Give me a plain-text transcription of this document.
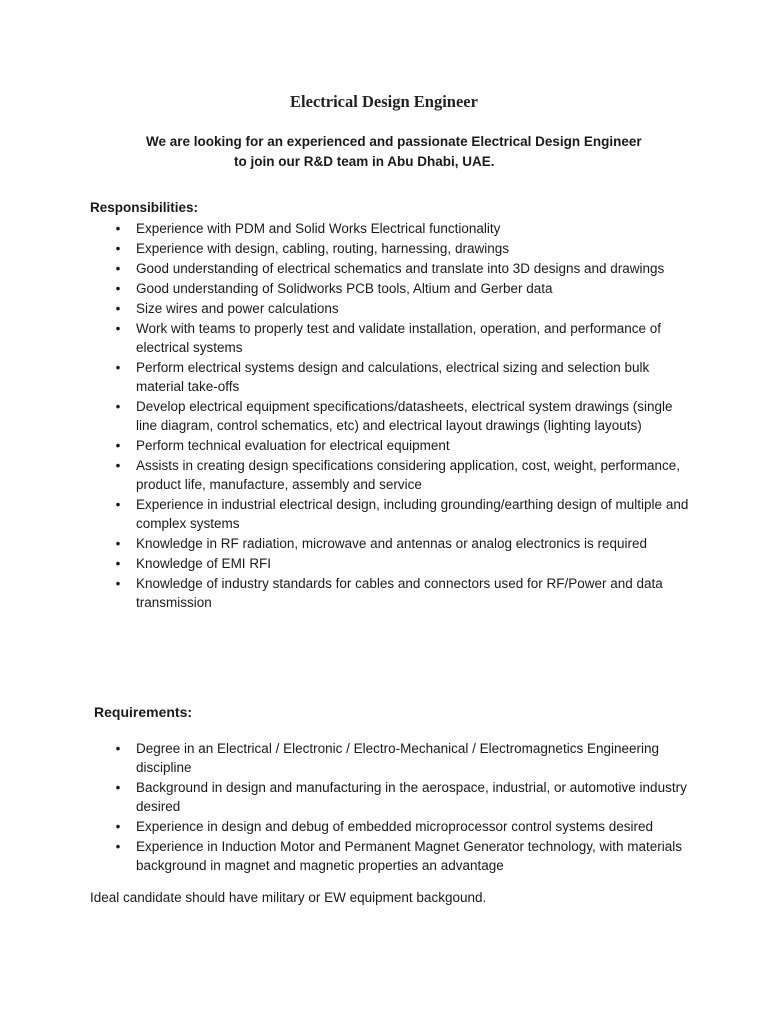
Electrical Design Engineer
We are looking for an experienced and passionate Electrical Design Engineer
to join our R&D team in Abu Dhabi, UAE.

Responsibilities:

• Experience with PDM and Solid Works Electrical functionality
• Experience with design, cabling, routing, harnessing, drawings
• Good understanding of electrical schematics and translate into 3D designs and drawings
• Good understanding of Solidworks PCB tools, Altium and Gerber data
• Size wires and power calculations
• Work with teams to properly test and validate installation, operation, and performance of electrical systems
• Perform electrical systems design and calculations, electrical sizing and selection bulk material take-offs
• Develop electrical equipment specifications/datasheets, electrical system drawings (single line diagram, control schematics, etc) and electrical layout drawings (lighting layouts)
• Perform technical evaluation for electrical equipment
• Assists in creating design specifications considering application, cost, weight, performance, product life, manufacture, assembly and service
• Experience in industrial electrical design, including grounding/earthing design of multiple and complex systems
• Knowledge in RF radiation, microwave and antennas or analog electronics is required
• Knowledge of EMI RFI
• Knowledge of industry standards for cables and connectors used for RF/Power and data transmission

Requirements:

• Degree in an Electrical / Electronic / Electro-Mechanical / Electromagnetics Engineering discipline
• Background in design and manufacturing in the aerospace, industrial, or automotive industry desired
• Experience in design and debug of embedded microprocessor control systems desired
• Experience in Induction Motor and Permanent Magnet Generator technology, with materials background in magnet and magnetic properties an advantage

Ideal candidate should have military or EW equipment backgound.
